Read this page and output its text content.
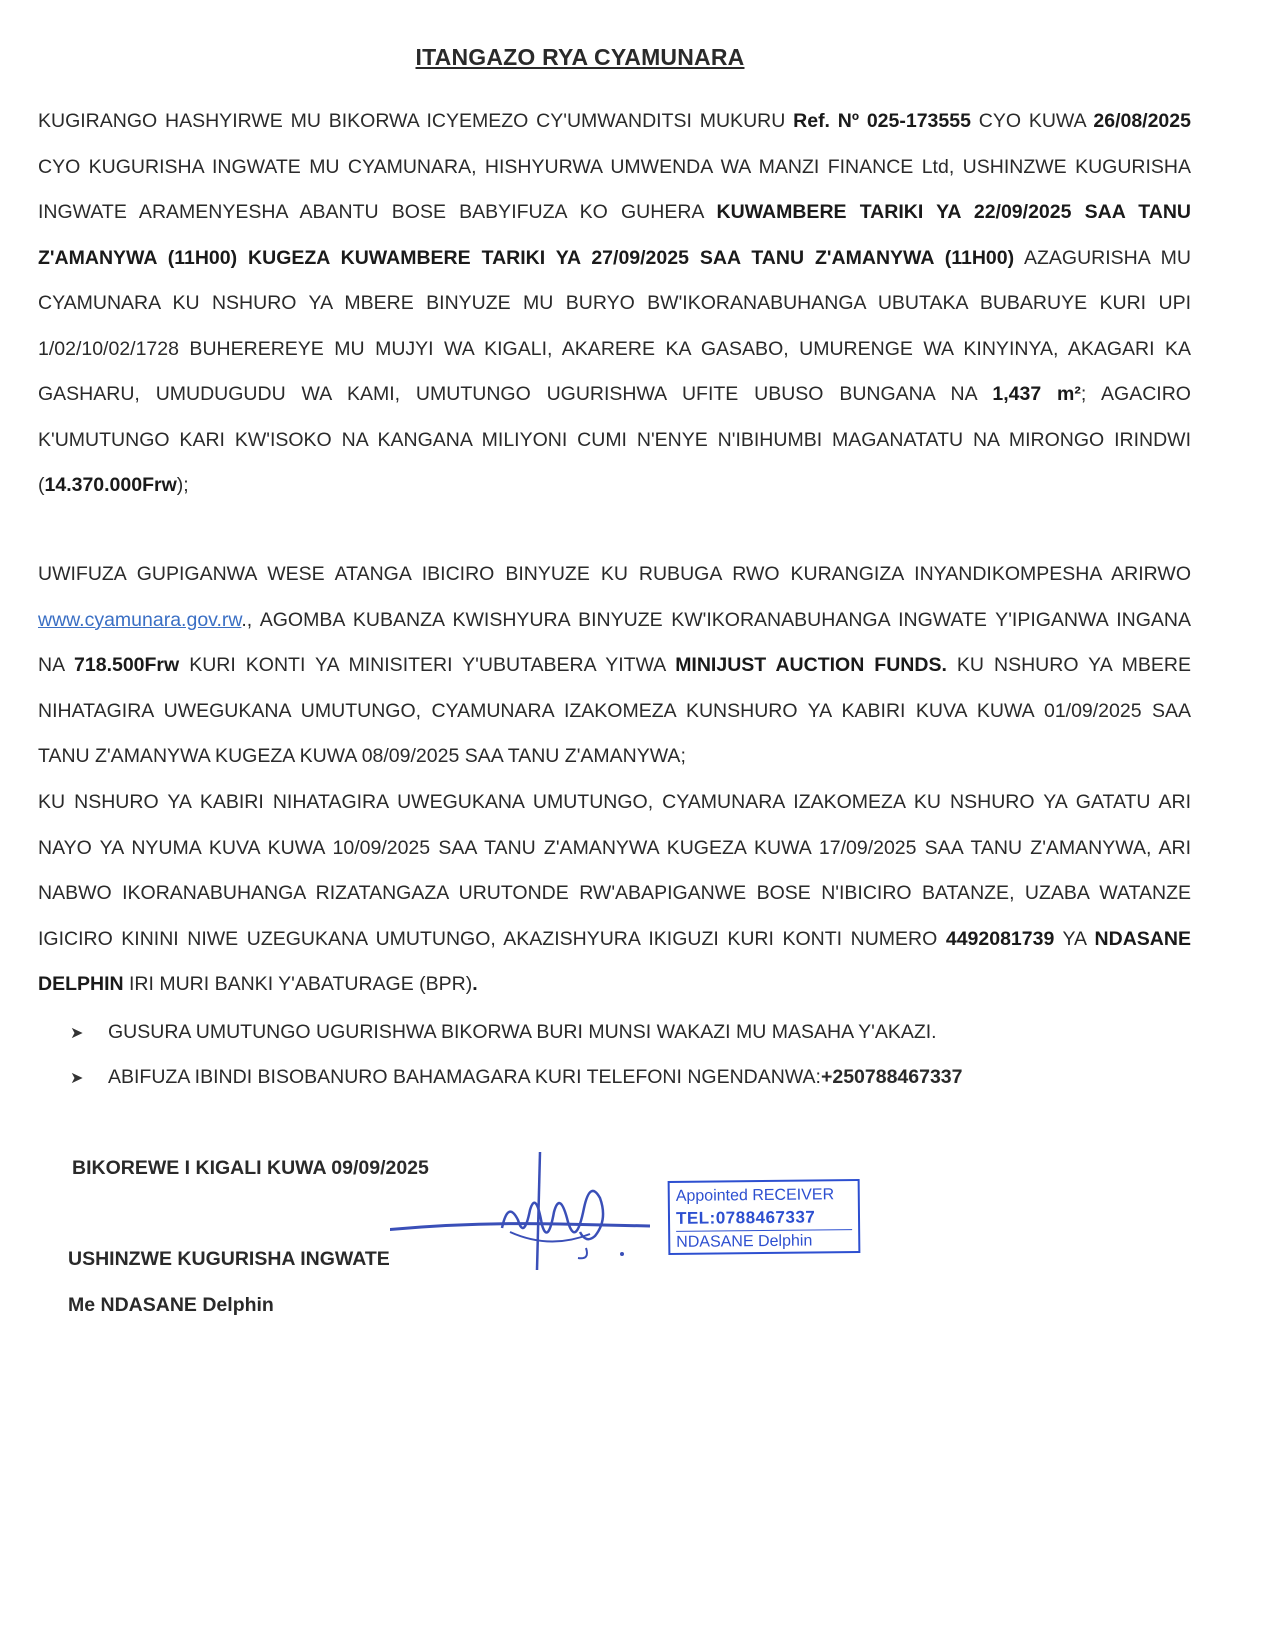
ITANGAZO RYA CYAMUNARA
KUGIRANGO HASHYIRWE MU BIKORWA ICYEMEZO CY'UMWANDITSI MUKURU Ref. Nº 025-173555 CYO KUWA 26/08/2025 CYO KUGURISHA INGWATE MU CYAMUNARA, HISHYURWA UMWENDA WA MANZI FINANCE Ltd, USHINZWE KUGURISHA INGWATE ARAMENYESHA ABANTU BOSE BABYIFUZA KO GUHERA KUWAMBERE TARIKI YA 22/09/2025 SAA TANU Z'AMANYWA (11H00) KUGEZA KUWAMBERE TARIKI YA 27/09/2025 SAA TANU Z'AMANYWA (11H00) AZAGURISHA MU CYAMUNARA KU NSHURO YA MBERE BINYUZE MU BURYO BW'IKORANABUHANGA UBUTAKA BUBARUYE KURI UPI 1/02/10/02/1728 BUHEREREYE MU MUJYI WA KIGALI, AKARERE KA GASABO, UMURENGE WA KINYINYA, AKAGARI KA GASHARU, UMUDUGUDU WA KAMI, UMUTUNGO UGURISHWA UFITE UBUSO BUNGANA NA 1,437 m²; AGACIRO K'UMUTUNGO KARI KW'ISOKO NA KANGANA MILIYONI CUMI N'ENYE N'IBIHUMBI MAGANATATU NA MIRONGO IRINDWI (14.370.000Frw);
UWIFUZA GUPIGANWA WESE ATANGA IBICIRO BINYUZE KU RUBUGA RWO KURANGIZA INYANDIKOMPESHA ARIRWO www.cyamunara.gov.rw., AGOMBA KUBANZA KWISHYURA BINYUZE KW'IKORANABUHANGA INGWATE Y'IPIGANWA INGANA NA 718.500Frw KURI KONTI YA MINISITERI Y'UBUTABERA YITWA MINIJUST AUCTION FUNDS. KU NSHURO YA MBERE NIHATAGIRA UWEGUKANA UMUTUNGO, CYAMUNARA IZAKOMEZA KUNSHURO YA KABIRI KUVA KUWA 01/09/2025 SAA TANU Z'AMANYWA KUGEZA KUWA 08/09/2025 SAA TANU Z'AMANYWA;
KU NSHURO YA KABIRI NIHATAGIRA UWEGUKANA UMUTUNGO, CYAMUNARA IZAKOMEZA KU NSHURO YA GATATU ARI NAYO YA NYUMA KUVA KUWA 10/09/2025 SAA TANU Z'AMANYWA KUGEZA KUWA 17/09/2025 SAA TANU Z'AMANYWA, ARI NABWO IKORANABUHANGA RIZATANGAZA URUTONDE RW'ABAPIGANWE BOSE N'IBICIRO BATANZE, UZABA WATANZE IGICIRO KININI NIWE UZEGUKANA UMUTUNGO, AKAZISHYURA IKIGUZI KURI KONTI NUMERO 4492081739 YA NDASANE DELPHIN IRI MURI BANKI Y'ABATURAGE (BPR).
➤	GUSURA UMUTUNGO UGURISHWA BIKORWA BURI MUNSI WAKAZI MU MASAHA Y'AKAZI.
➤	ABIFUZA IBINDI BISOBANURO BAHAMAGARA KURI TELEFONI NGENDANWA: +250788467337
BIKOREWE I KIGALI KUWA 09/09/2025
Appointed RECEIVER
TEL:0788467337
NDASANE Delphin
USHINZWE KUGURISHA INGWATE
Me NDASANE Delphin
